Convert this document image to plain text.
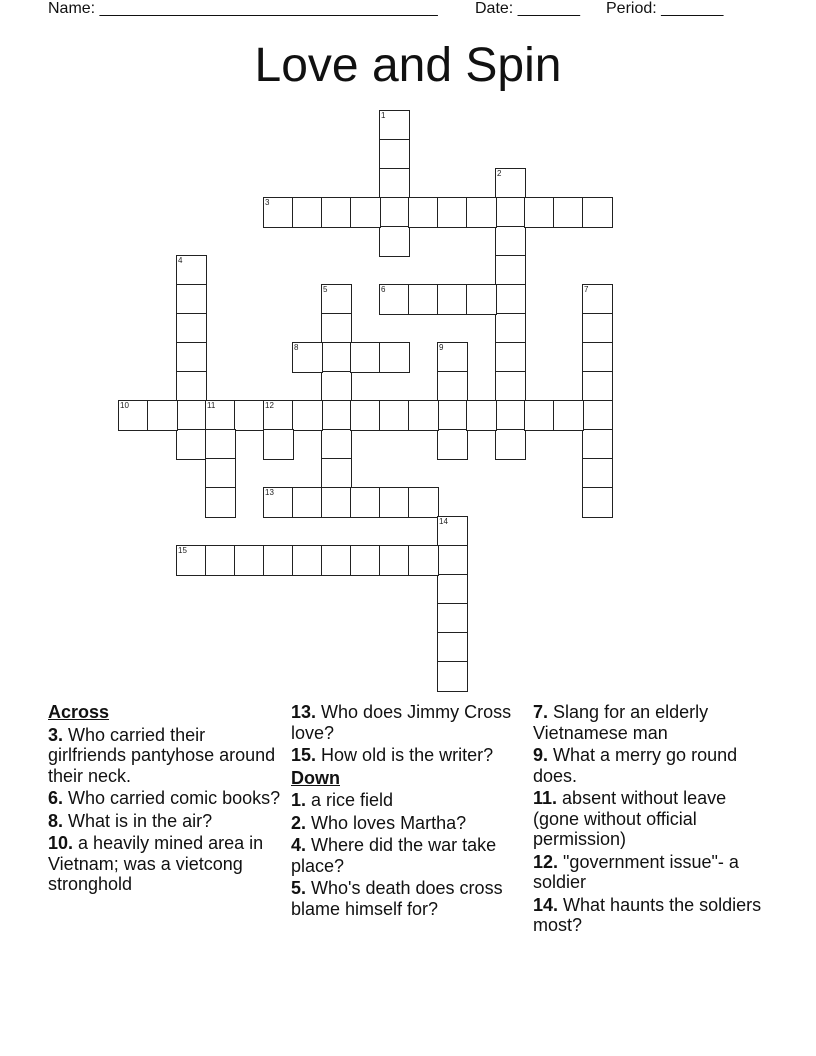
Name: ______________________________________ Date: _______ Period: _______
Love and Spin
1
2
3
4
5	6	7
8	9
10	11	12
13
14
15
Across
3. Who carried their girlfriends pantyhose around their neck.
6. Who carried comic books?
8. What is in the air?
10. a heavily mined area in Vietnam; was a vietcong stronghold
13. Who does Jimmy Cross love?
15. How old is the writer?
Down
1. a rice field
2. Who loves Martha?
4. Where did the war take place?
5. Who's death does cross blame himself for?
7. Slang for an elderly Vietnamese man
9. What a merry go round does.
11. absent without leave (gone without official permission)
12. "government issue"- a soldier
14. What haunts the soldiers most?
